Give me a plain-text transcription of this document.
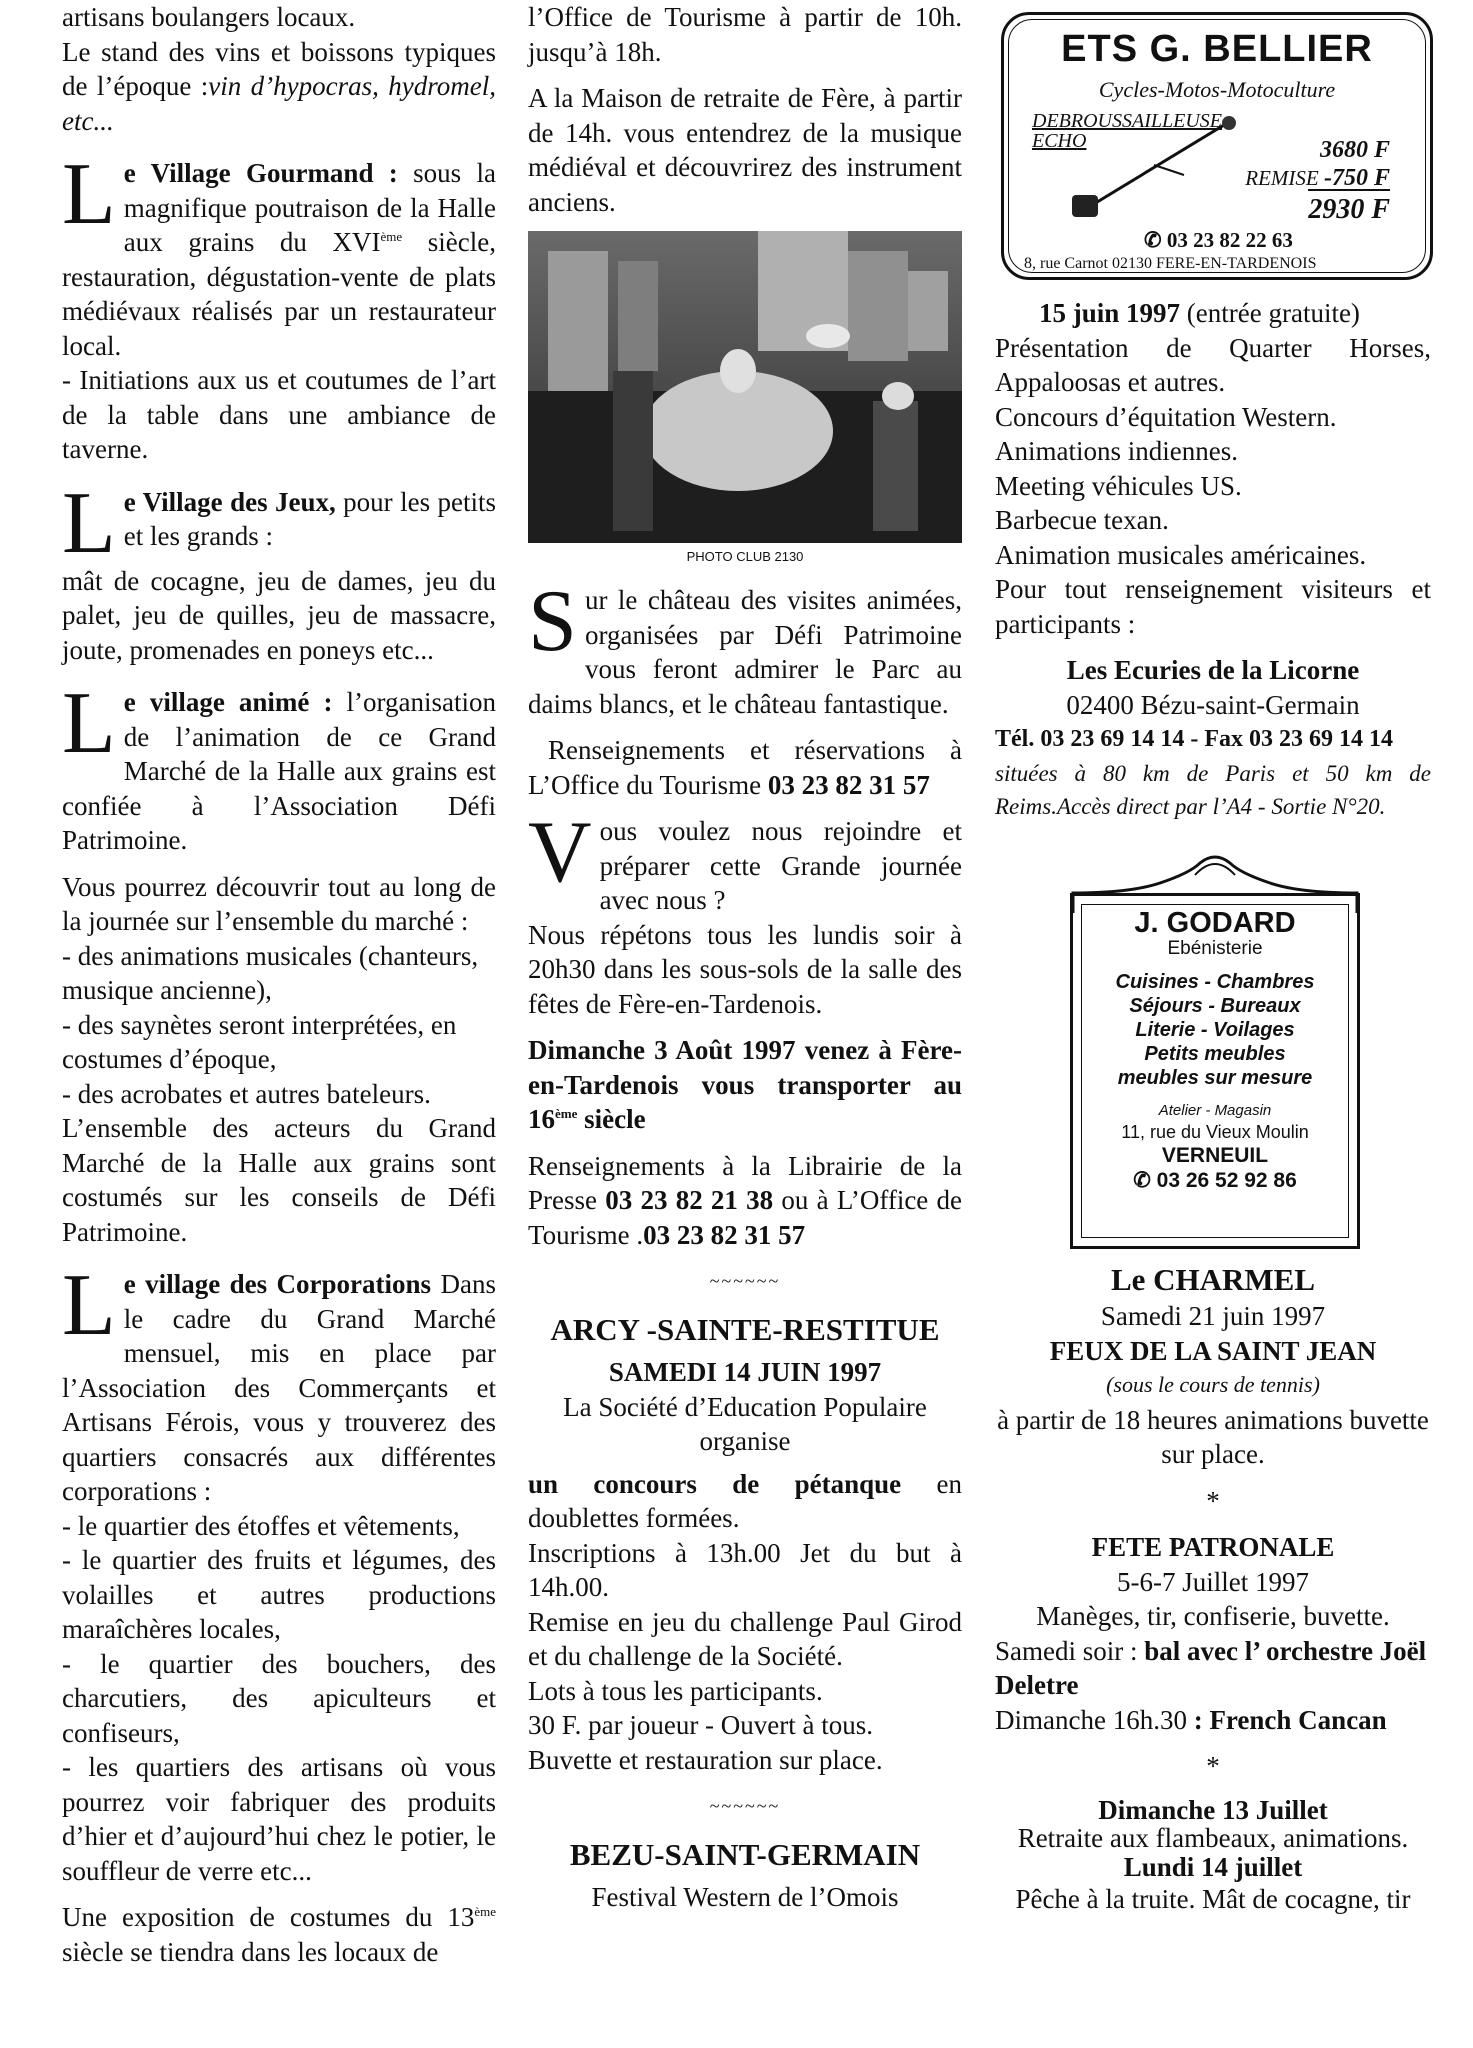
artisans boulangers locaux.

Le stand des vins et boissons typiques de l’époque :vin d’hypocras, hydromel, etc...

Le Village Gourmand : sous la magnifique poutraison de la Halle aux grains du XVIème siècle, restauration, dégustation-vente de plats médiévaux réalisés par un restaurateur local.
- Initiations aux us et coutumes de l’art de la table dans une ambiance de taverne.

Le Village des Jeux, pour les petits et les grands :

mât de cocagne, jeu de dames, jeu du palet, jeu de quilles, jeu de massacre, joute, promenades en poneys etc...

Le village animé : l’organisation de l’animation de ce Grand Marché de la Halle aux grains est confiée à l’Association Défi Patrimoine.

Vous pourrez découvrir tout au long de la journée sur l’ensemble du marché :

- des animations musicales (chanteurs, musique ancienne),

- des saynètes seront interprétées, en costumes d’époque,

- des acrobates et autres bateleurs.

L’ensemble des acteurs du Grand Marché de la Halle aux grains sont costumés sur les conseils de Défi Patrimoine.

Le village des Corporations Dans le cadre du Grand Marché mensuel, mis en place par l’Association des Commerçants et Artisans Férois, vous y trouverez des quartiers consacrés aux différentes corporations :

- le quartier des étoffes et vêtements,

- le quartier des fruits et légumes, des volailles et autres productions maraîchères locales,

- le quartier des bouchers, des charcutiers, des apiculteurs et confiseurs,

- les quartiers des artisans où vous pourrez voir fabriquer des produits d’hier et d’aujourd’hui chez le potier, le souffleur de verre etc...

Une exposition de costumes du 13ème siècle se tiendra dans les locaux de

l’Office de Tourisme à partir de 10h. jusqu’à 18h.

A la Maison de retraite de Fère, à partir de 14h. vous entendrez de la musique médiéval et découvrirez des instrument anciens.

PHOTO CLUB 2130

Sur le château des visites animées, organisées par Défi Patrimoine vous feront admirer le Parc au daims blancs, et le château fantastique.

Renseignements et réservations à L’Office du Tourisme 03 23 82 31 57

Vous voulez nous rejoindre et préparer cette Grande journée avec nous ?

Nous répétons tous les lundis soir à 20h30 dans les sous-sols de la salle des fêtes de Fère-en-Tardenois.

Dimanche 3 Août 1997 venez à Fère-en-Tardenois vous transporter au 16ème siècle

Renseignements à la Librairie de la Presse 03 23 82 21 38 ou à L’Office de Tourisme .03 23 82 31 57

~~~~~~

ARCY -SAINTE-RESTITUE

SAMEDI 14 JUIN 1997

La Société d’Education Populaire organise

un concours de pétanque en doublettes formées.

Inscriptions à 13h.00 Jet du but à 14h.00.

Remise en jeu du challenge Paul Girod et du challenge de la Société.

Lots à tous les participants.

30 F. par joueur - Ouvert à tous.

Buvette et restauration sur place.

~~~~~~

BEZU-SAINT-GERMAIN

Festival Western de l’Omois

ETS G. BELLIER
Cycles-Motos-Motoculture
DEBROUSSAILLEUSE
ECHO	3680 F
REMISE -750 F
2930 F
✆ 03 23 82 22 63
8, rue Carnot 02130 FERE-EN-TARDENOIS

15 juin 1997 (entrée gratuite)

Présentation de Quarter Horses, Appaloosas et autres.

Concours d’équitation Western.

Animations indiennes.

Meeting véhicules US.

Barbecue texan.

Animation musicales américaines.

Pour tout renseignement visiteurs et participants :

Les Ecuries de la Licorne

02400 Bézu-saint-Germain

Tél. 03 23 69 14 14 - Fax 03 23 69 14 14

situées à 80 km de Paris et 50 km de Reims.Accès direct par l’A4 - Sortie N°20.

J. GODARD
Ebénisterie
Cuisines - Chambres
Séjours - Bureaux
Literie - Voilages
Petits meubles
meubles sur mesure
Atelier - Magasin
11, rue du Vieux Moulin
VERNEUIL
✆ 03 26 52 92 86

Le CHARMEL

Samedi 21 juin 1997

FEUX DE LA SAINT JEAN

(sous le cours de tennis)

à partir de 18 heures animations buvette sur place.

*

FETE PATRONALE

5-6-7 Juillet 1997

Manèges, tir, confiserie, buvette.

Samedi soir : bal avec l’ orchestre Joël Deletre

Dimanche 16h.30 : French Cancan

*

Dimanche 13 Juillet

Retraite aux flambeaux, animations.

Lundi 14 juillet

Pêche à la truite. Mât de cocagne, tir
